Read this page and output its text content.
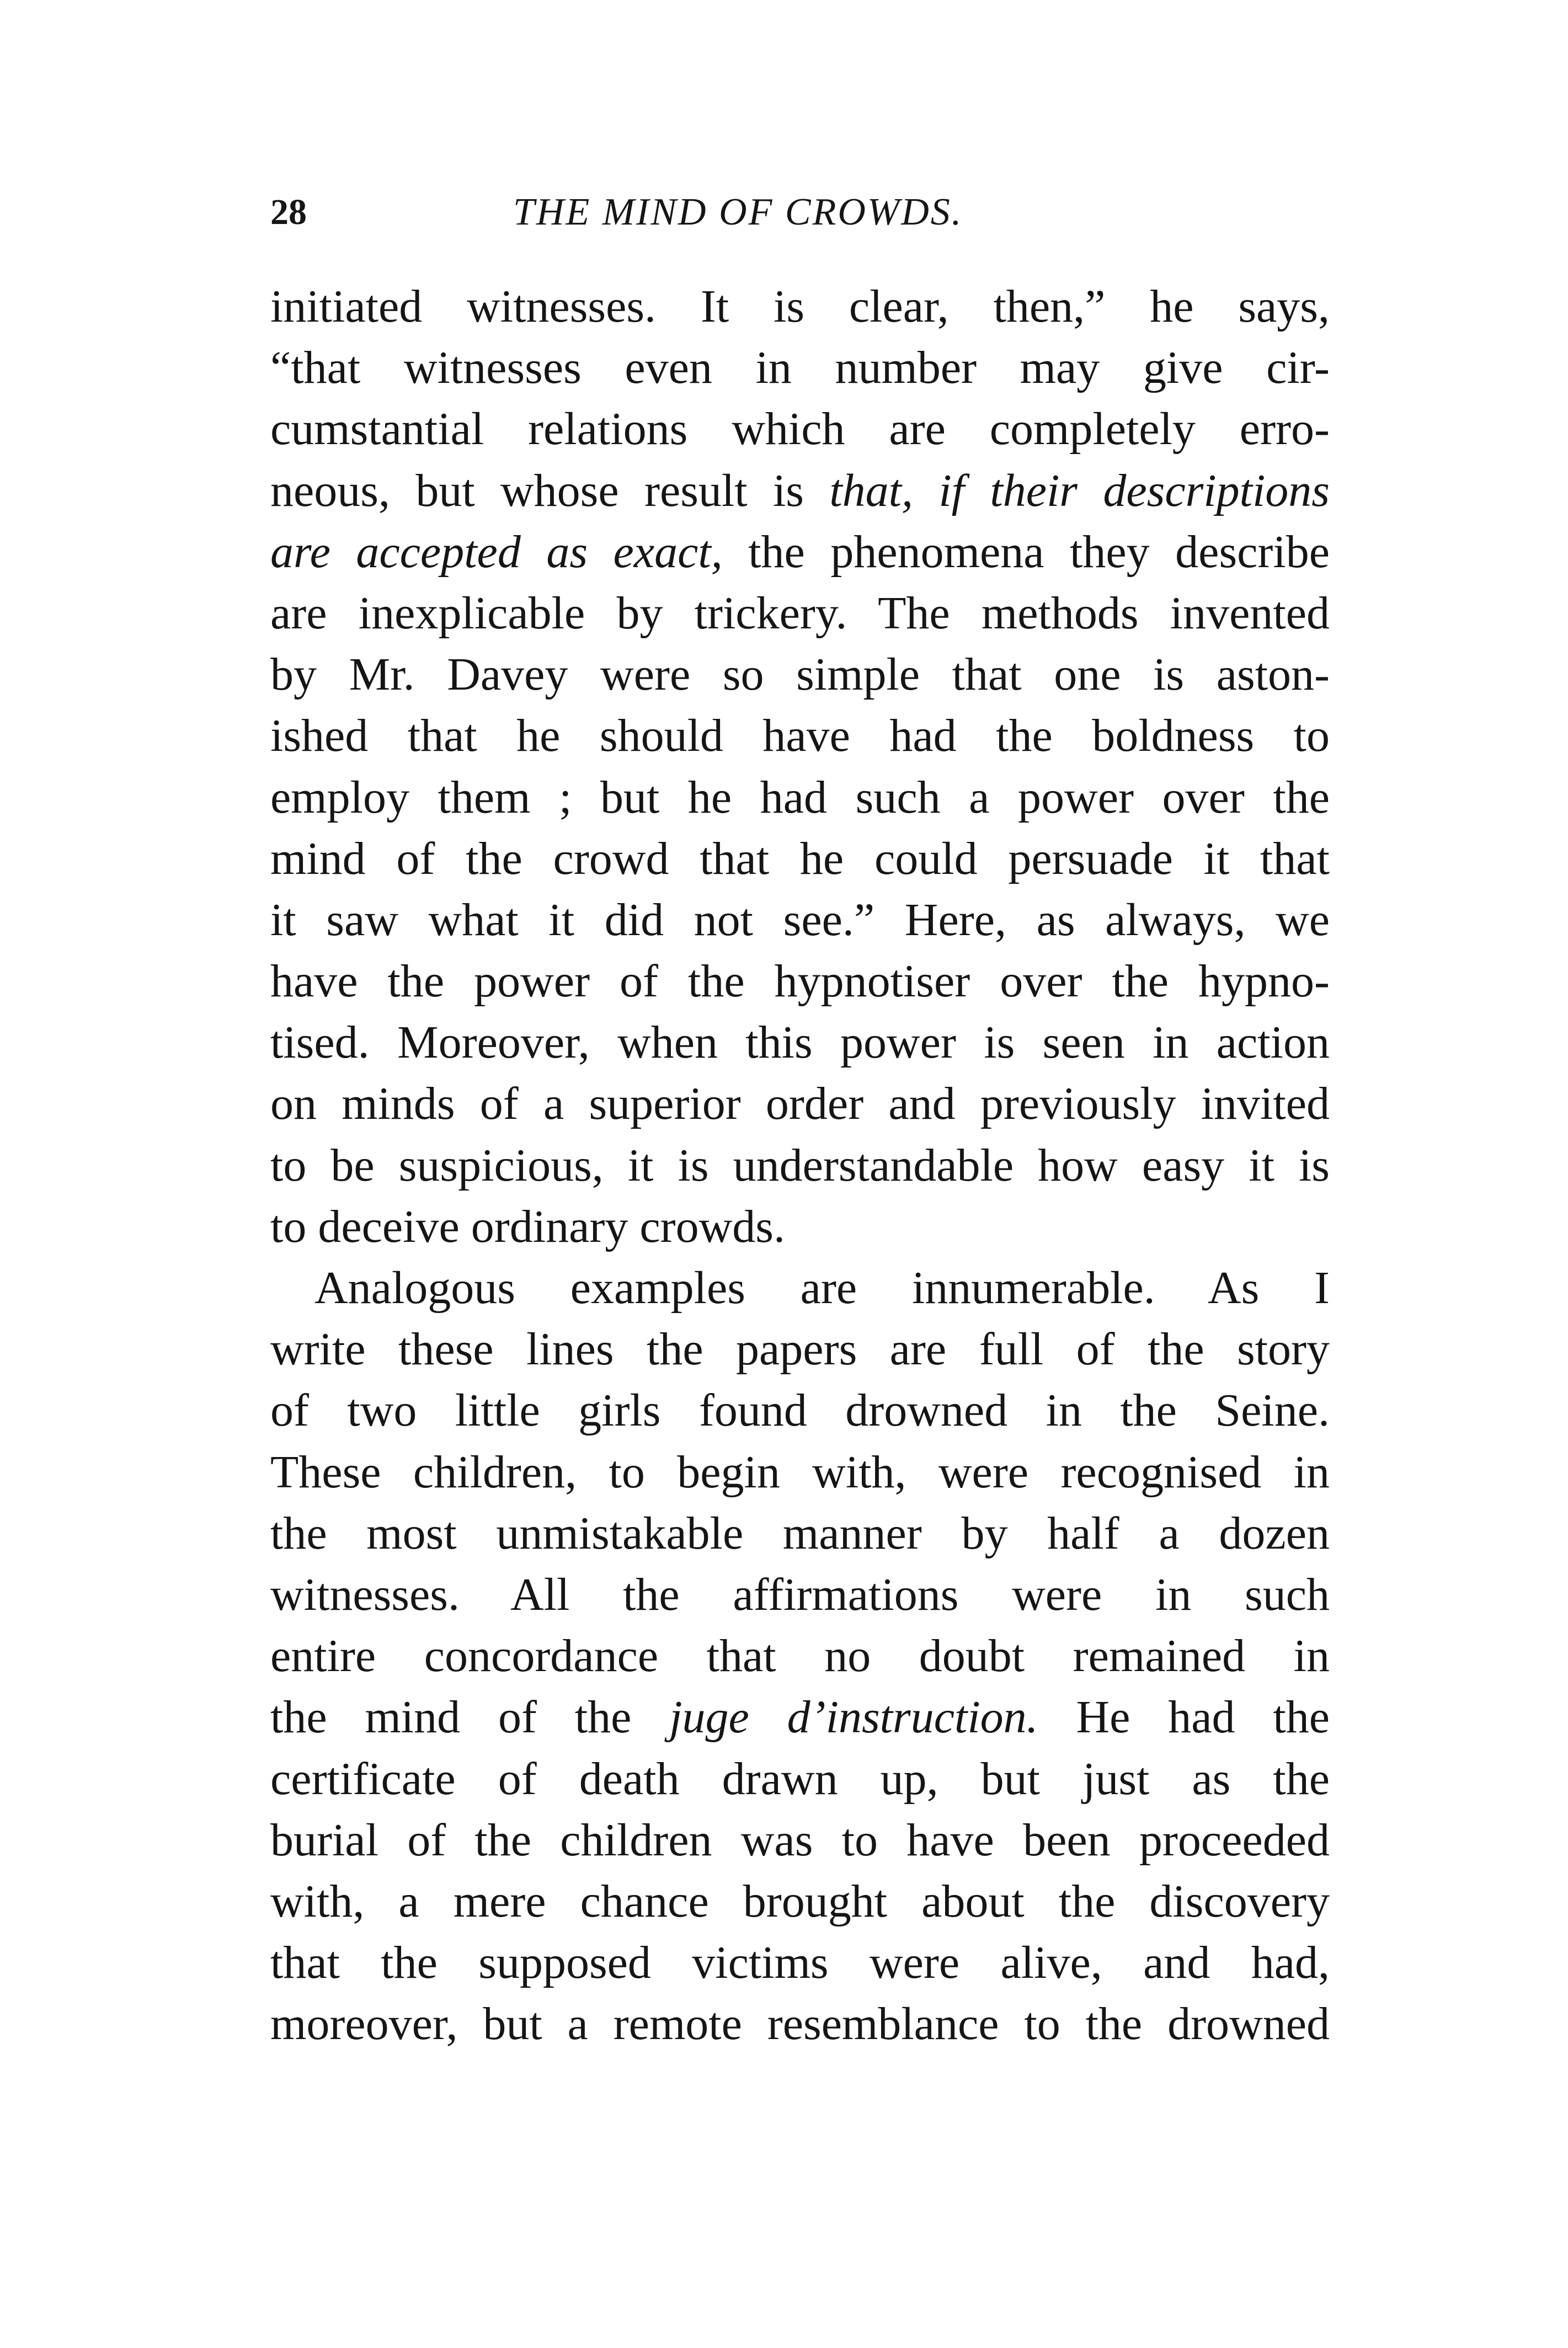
28	THE MIND OF CROWDS.
initiated witnesses. It is clear, then,” he says,
“that witnesses even in number may give cir-
cumstantial relations which are completely erro-
neous, but whose result is that, if their descriptions
are accepted as exact, the phenomena they describe
are inexplicable by trickery. The methods invented
by Mr. Davey were so simple that one is aston-
ished that he should have had the boldness to
employ them ; but he had such a power over the
mind of the crowd that he could persuade it that
it saw what it did not see.” Here, as always, we
have the power of the hypnotiser over the hypno-
tised. Moreover, when this power is seen in action
on minds of a superior order and previously invited
to be suspicious, it is understandable how easy it is
to deceive ordinary crowds.
Analogous examples are innumerable. As I
write these lines the papers are full of the story
of two little girls found drowned in the Seine.
These children, to begin with, were recognised in
the most unmistakable manner by half a dozen
witnesses. All the affirmations were in such
entire concordance that no doubt remained in
the mind of the juge d’instruction. He had the
certificate of death drawn up, but just as the
burial of the children was to have been proceeded
with, a mere chance brought about the discovery
that the supposed victims were alive, and had,
moreover, but a remote resemblance to the drowned
